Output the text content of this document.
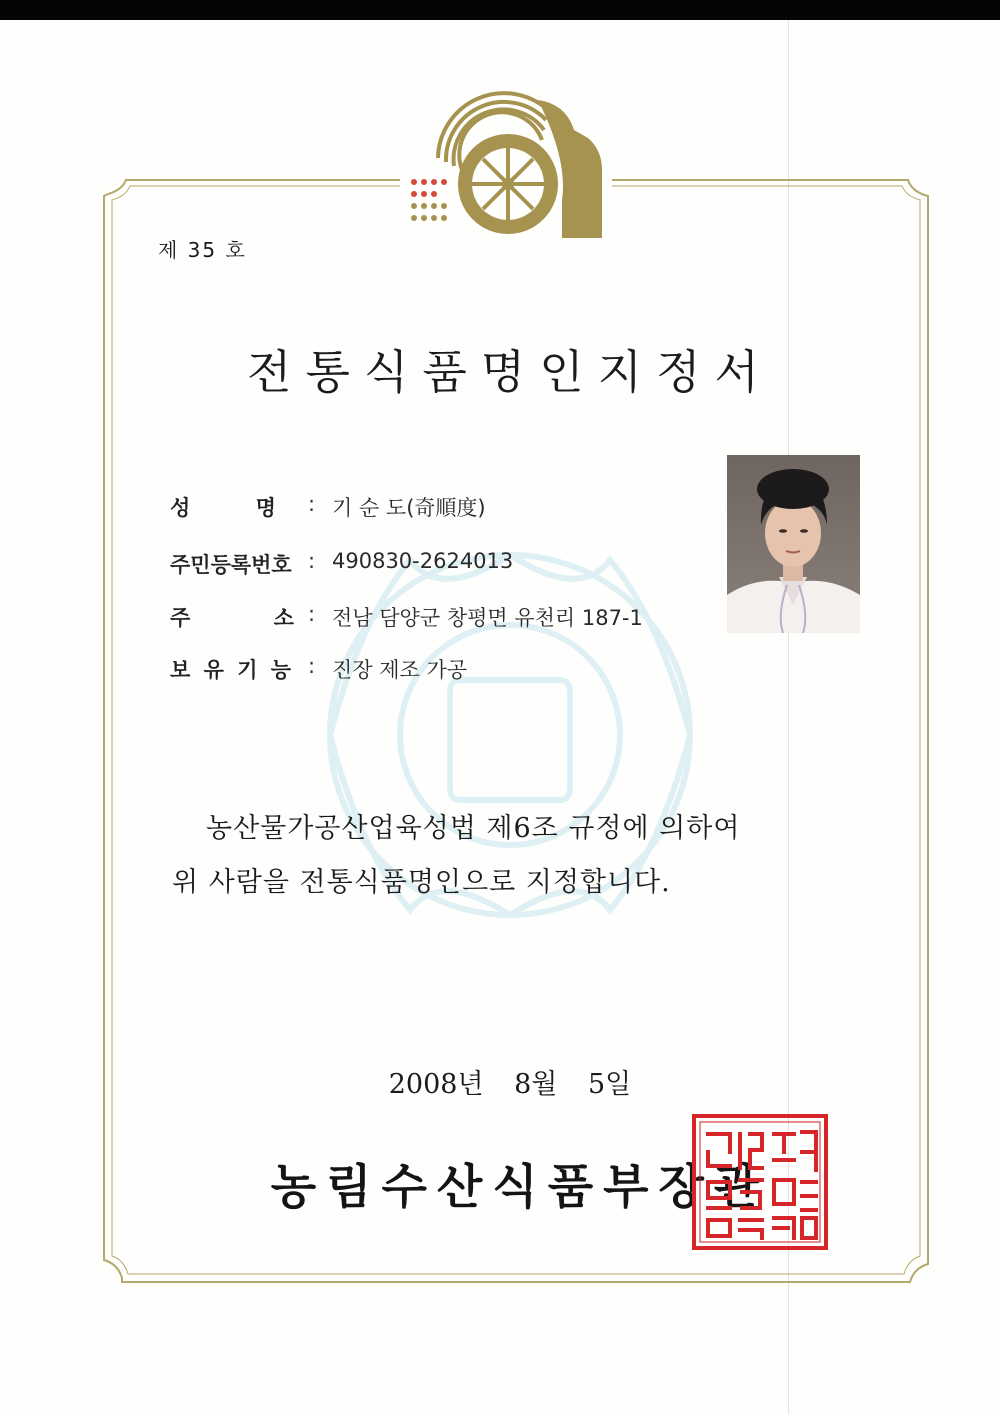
제 35 호
전통식품명인지정서
성 명	: 기 순 도(奇順度)
주민등록번호 : 490830-2624013
주 소 : 전남 담양군 창평면 유천리 187-1
보 유 기 능 : 진장 제조 가공
농산물가공산업육성법 제6조 규정에 의하여
위 사람을 전통식품명인으로 지정합니다.
2008년 8월 5일
농림수산식품부장관
